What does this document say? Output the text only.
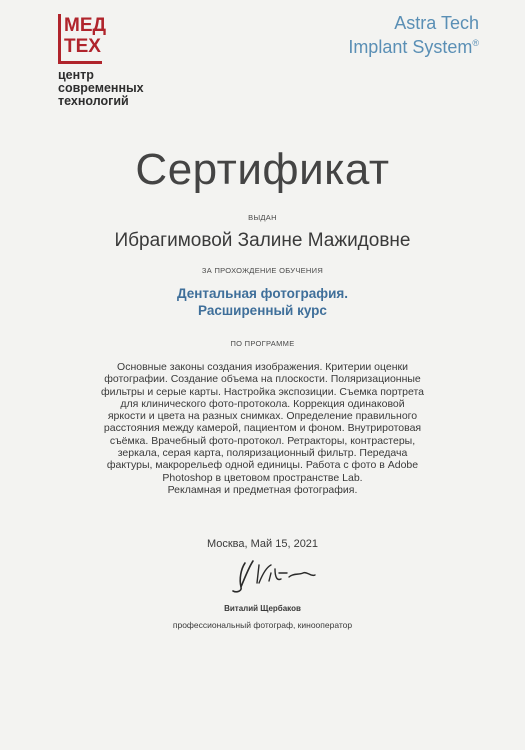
МЕД
ТЕХ
центр
современных
технологий
Astra Tech
Implant System®
Сертификат
ВЫДАН
Ибрагимовой Залине Мажидовне
ЗА ПРОХОЖДЕНИЕ ОБУЧЕНИЯ
Дентальная фотография.
Расширенный курс
ПО ПРОГРАММЕ
Основные законы создания изображения. Критерии оценки
фотографии. Создание объема на плоскости. Поляризационные
фильтры и серые карты. Настройка экспозиции. Съемка портрета
для клинического фото-протокола. Коррекция одинаковой
яркости и цвета на разных снимках. Определение правильного
расстояния между камерой, пациентом и фоном. Внутриротовая
съёмка. Врачебный фото-протокол. Ретракторы, контрастеры,
зеркала, серая карта, поляризационный фильтр. Передача
фактуры, макрорельеф одной единицы. Работа с фото в Adobe
Photoshop в цветовом пространстве Lab.
Рекламная и предметная фотография.
Москва, Май 15, 2021
Виталий Щербаков
профессиональный фотограф, кинооператор
